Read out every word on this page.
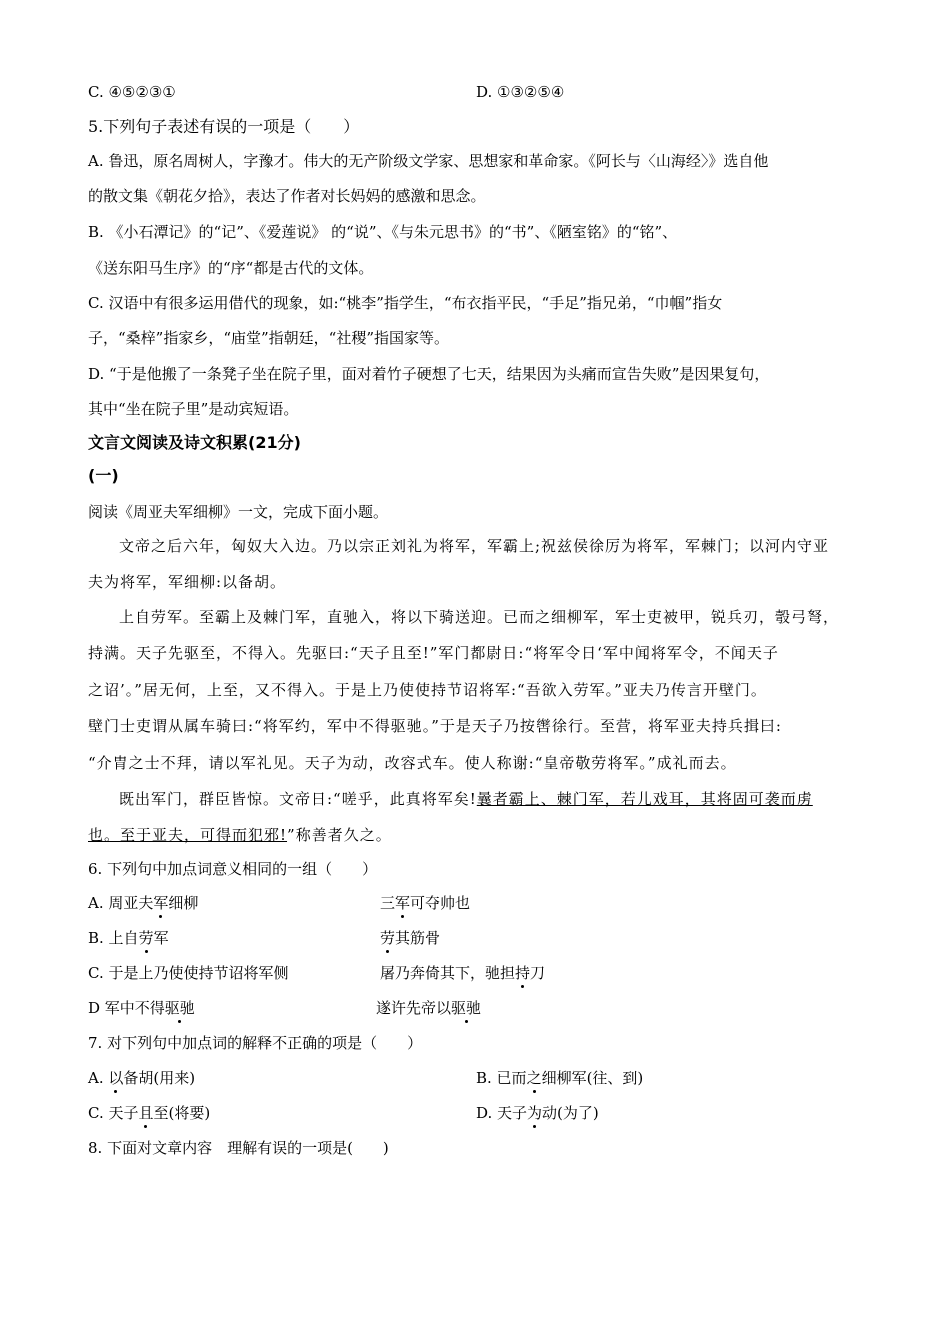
C. ④⑤②③①	D. ①③②⑤④
5.下列句子表述有误的一项是（　　）
A. 鲁迅，原名周树人，字豫才。伟大的无产阶级文学家、思想家和革命家。《阿长与〈山海经〉》选自他
的散文集《朝花夕拾》，表达了作者对长妈妈的感激和思念。
B. 《小石潭记》的“记”、《爱莲说》 的“说”、《与朱元思书》的“书”、《陋室铭》的“铭”、
《送东阳马生序》的“序“都是古代的文体。
C. 汉语中有很多运用借代的现象，如:“桃李”指学生，“布衣指平民，“手足”指兄弟，“巾帼”指女
子，“桑梓”指家乡，“庙堂”指朝廷，“社稷”指国家等。
D. “于是他搬了一条凳子坐在院子里，面对着竹子硬想了七天，结果因为头痛而宣告失败”是因果复句，
其中“坐在院子里”是动宾短语。
文言文阅读及诗文积累(21分)
(一)
阅读《周亚夫军细柳》一文，完成下面小题。
文帝之后六年，匈奴大入边。乃以宗正刘礼为将军，军霸上;祝兹侯徐厉为将军，军棘门；以河内守亚
夫为将军，军细柳:以备胡。
上自劳军。至霸上及棘门军，直驰入，将以下骑送迎。已而之细柳军，军士吏被甲，锐兵刃，彀弓弩，
持满。天子先驱至，不得入。先驱曰:“天子且至!”军门都尉日:“将军令日‘军中闻将军令，不闻天子
之诏’。”居无何，上至，又不得入。于是上乃使使持节诏将军:“吾欲入劳军。”亚夫乃传言开壁门。
壁门士吏谓从属车骑曰:“将军约，军中不得驱驰。”于是天子乃按辔徐行。至营，将军亚夫持兵揖曰:
“介胄之士不拜，请以军礼见。天子为动，改容式车。使人称谢:“皇帝敬劳将军。”成礼而去。
既出军门，群臣皆惊。文帝日:“嗟乎，此真将军矣!曩者霸上、棘门军，若儿戏耳，其将固可袭而虏
也。至于亚夫，可得而犯邪!”称善者久之。
6. 下列句中加点词意义相同的一组（　　）
A. 周亚夫军细柳	三军可夺帅也
B. 上自劳军	劳其筋骨
C. 于是上乃使使持节诏将军侧	屠乃奔倚其下，驰担持刀
D 军中不得驱驰	遂许先帝以驱驰
7. 对下列句中加点词的解释不正确的项是（　　）
A. 以备胡(用来)	B. 已而之细柳军(往、到)
C. 天子且至(将要)	D. 天子为动(为了)
8. 下面对文章内容　理解有误的一项是(　　)
